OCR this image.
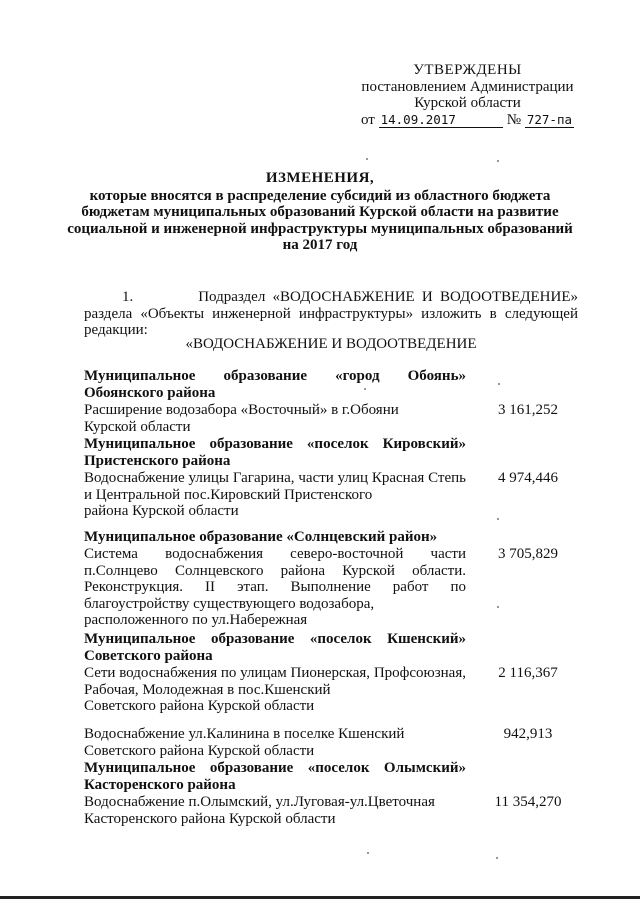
УТВЕРЖДЕНЫ
постановлением Администрации
Курской области
от 14.09.2017	№ 727-па
ИЗМЕНЕНИЯ,
которые вносятся в распределение субсидий из областного бюджета бюджетам муниципальных образований Курской области на развитие социальной и инженерной инфраструктуры муниципальных образований на 2017 год
1.	Подраздел «ВОДОСНАБЖЕНИЕ И ВОДООТВЕДЕНИЕ» раздела «Объекты инженерной инфраструктуры» изложить в следующей редакции:
«ВОДОСНАБЖЕНИЕ И ВОДООТВЕДЕНИЕ
Муниципальное образование «город Обоянь»
Обоянского района
Расширение водозабора «Восточный» в г.Обояни
Курской области
3 161,252
Муниципальное образование «поселок Кировский»
Пристенского района
Водоснабжение улицы Гагарина, части улиц Красная Степь и Центральной пос.Кировский Пристенского
района Курской области
4 974,446
Муниципальное образование «Солнцевский район»
Система водоснабжения северо-восточной части п.Солнцево Солнцевского района Курской области. Реконструкция. II этап. Выполнение работ по благоустройству существующего водозабора,
расположенного по ул.Набережная
3 705,829
Муниципальное образование «поселок Кшенский»
Советского района
Сети водоснабжения по улицам Пионерская, Профсоюзная, Рабочая, Молодежная в пос.Кшенский
Советского района Курской области
2 116,367
Водоснабжение ул.Калинина в поселке Кшенский
Советского района Курской области
942,913
Муниципальное образование «поселок Олымский»
Касторенского района
Водоснабжение п.Олымский, ул.Луговая-ул.Цветочная
Касторенского района Курской области
11 354,270
